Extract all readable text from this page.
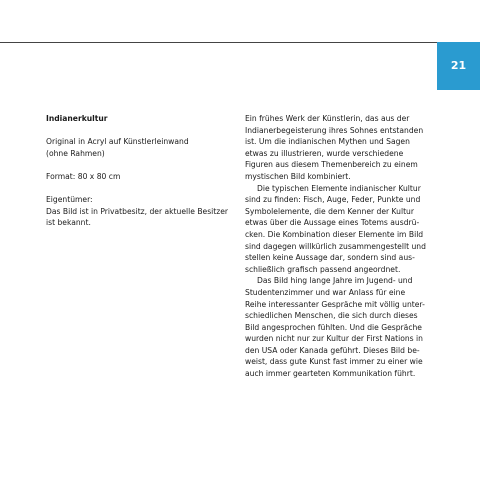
21

Indianerkultur

Original in Acryl auf Künstlerleinwand

(ohne Rahmen)

Format: 80 x 80 cm

Eigentümer:

Das Bild ist in Privatbesitz, der aktuelle Besitzer

ist bekannt.

Ein frühes Werk der Künstlerin, das aus der
Indianerbegeisterung ihres Sohnes entstanden
ist. Um die indianischen Mythen und Sagen
etwas zu illustrieren, wurde verschiedene
Figuren aus diesem Themenbereich zu einem
mystischen Bild kombiniert.
Die typischen Elemente indianischer Kultur
sind zu finden: Fisch, Auge, Feder, Punkte und
Symbolelemente, die dem Kenner der Kultur
etwas über die Aussage eines Totems ausdrü-
cken. Die Kombination dieser Elemente im Bild
sind dagegen willkürlich zusammengestellt und
stellen keine Aussage dar, sondern sind aus-
schließlich grafisch passend angeordnet.
Das Bild hing lange Jahre im Jugend- und
Studentenzimmer und war Anlass für eine
Reihe interessanter Gespräche mit völlig unter-
schiedlichen Menschen, die sich durch dieses
Bild angesprochen fühlten. Und die Gespräche
wurden nicht nur zur Kultur der First Nations in
den USA oder Kanada geführt. Dieses Bild be-
weist, dass gute Kunst fast immer zu einer wie
auch immer gearteten Kommunikation führt.
